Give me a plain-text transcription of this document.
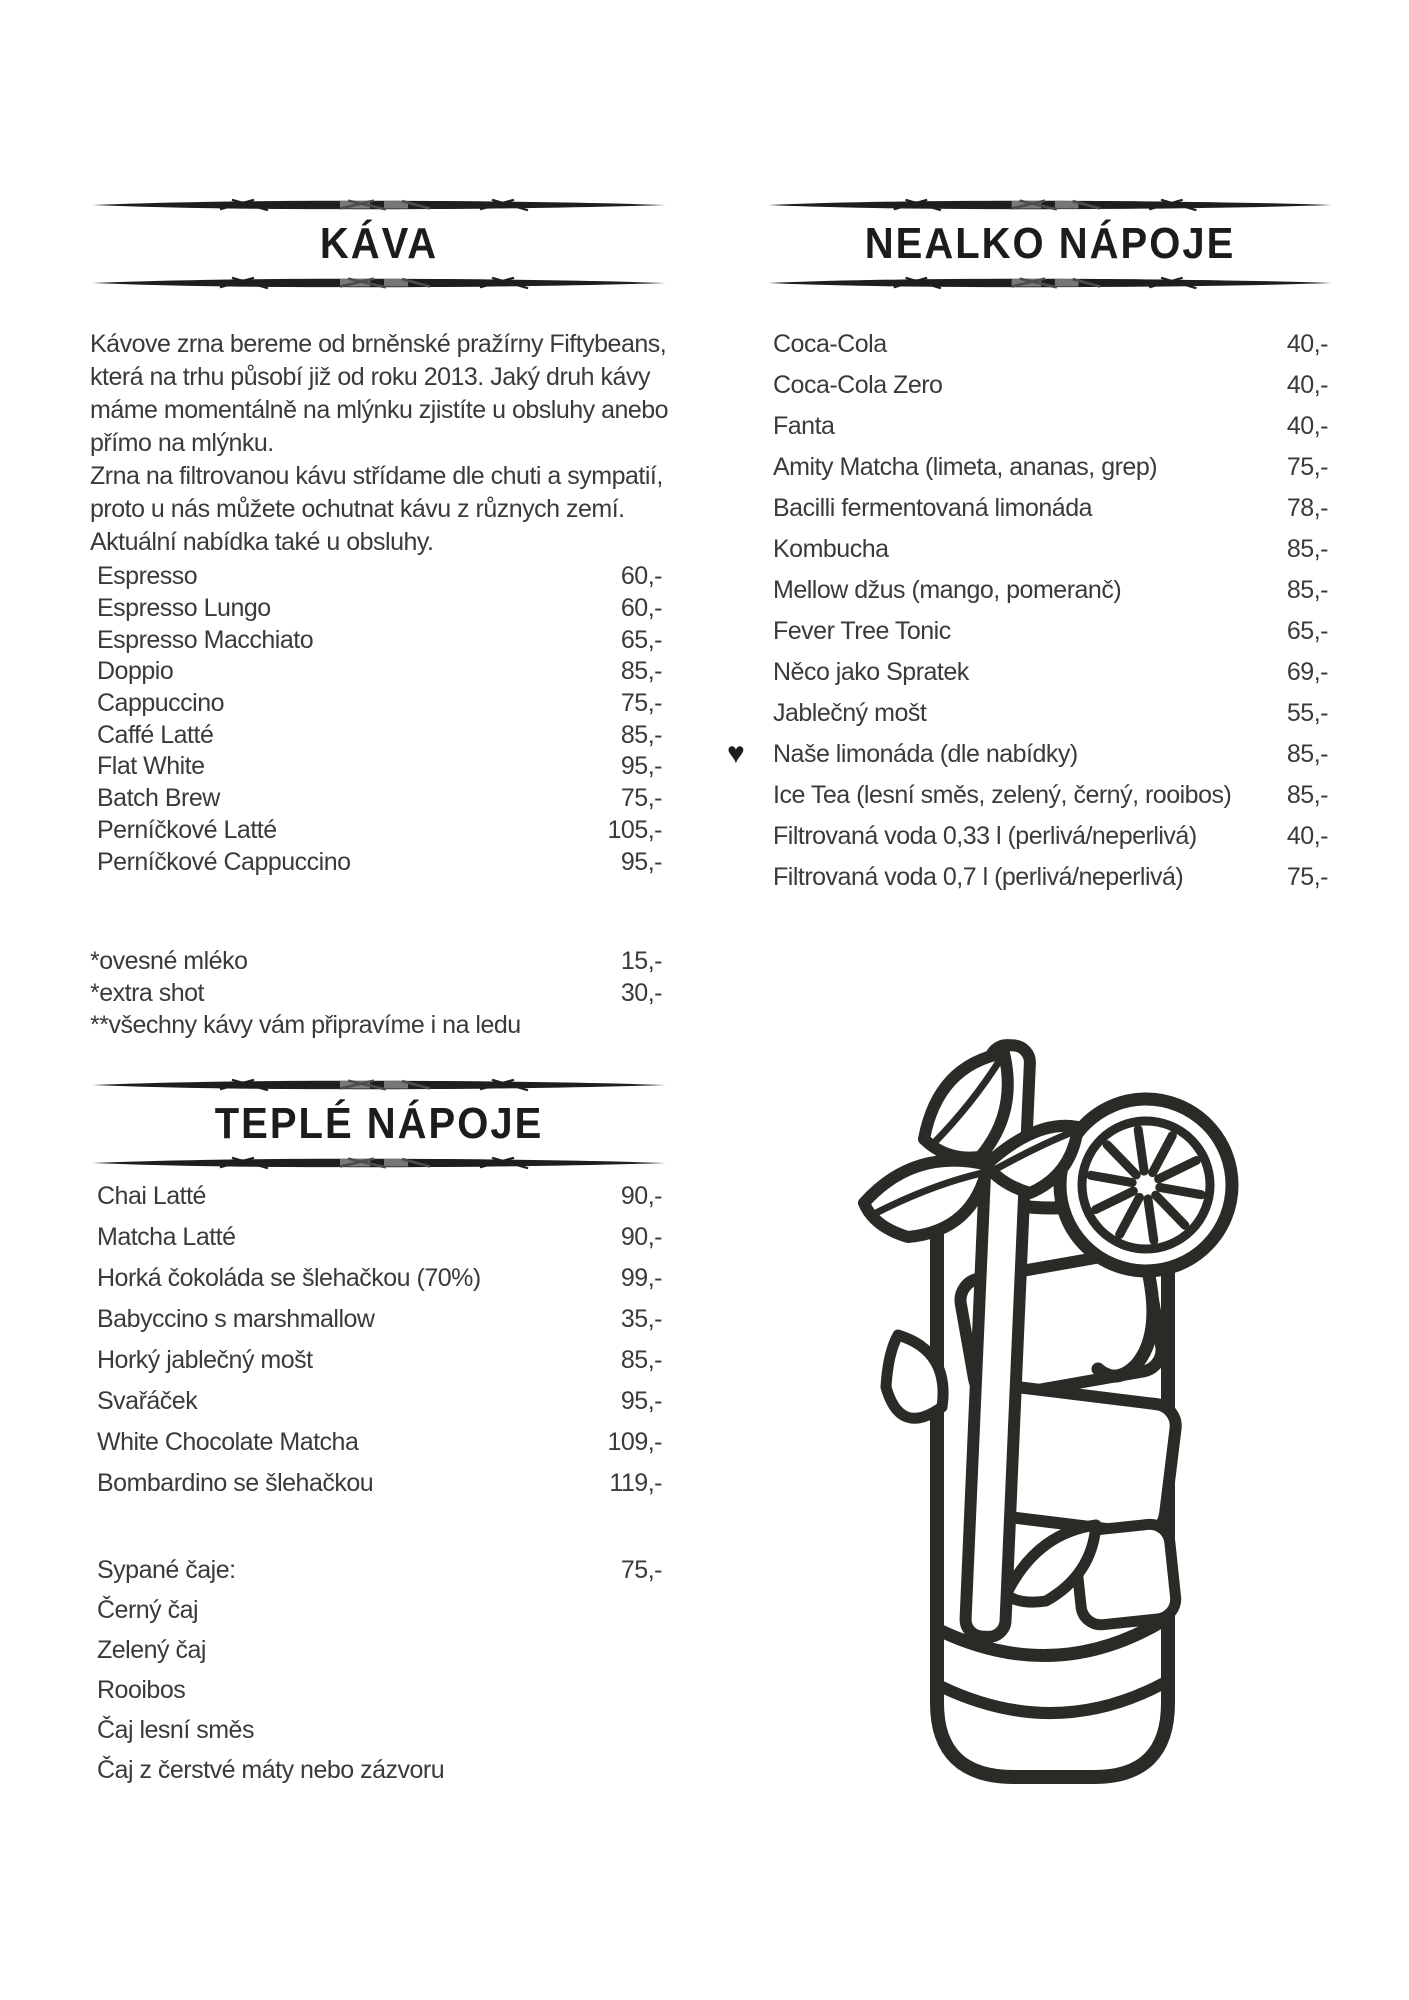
KÁVA
Kávove zrna bereme od brněnské pražírny Fiftybeans,
která na trhu působí již od roku 2013. Jaký druh kávy
máme momentálně na mlýnku zjistíte u obsluhy anebo
přímo na mlýnku.
Zrna na filtrovanou kávu střídame dle chuti a sympatií,
proto u nás můžete ochutnat kávu z různych zemí.
Aktuální nabídka také u obsluhy.
Espresso	60,-
Espresso Lungo	60,-
Espresso Macchiato	65,-
Doppio	85,-
Cappuccino	75,-
Caffé Latté	85,-
Flat White	95,-
Batch Brew	75,-
Perníčkové Latté	105,-
Perníčkové Cappuccino	95,-
*ovesné mléko	15,-
*extra shot	30,-
**všechny kávy vám připravíme i na ledu
TEPLÉ NÁPOJE
Chai Latté	90,-
Matcha Latté	90,-
Horká čokoláda se šlehačkou (70%)	99,-
Babyccino s marshmallow	35,-
Horký jablečný mošt	85,-
Svařáček	95,-
White Chocolate Matcha	109,-
Bombardino se šlehačkou	119,-
Sypané čaje:	75,-
Černý čaj
Zelený čaj
Rooibos
Čaj lesní směs
Čaj z čerstvé máty nebo zázvoru
NEALKO NÁPOJE
Coca-Cola	40,-
Coca-Cola Zero	40,-
Fanta	40,-
Amity Matcha (limeta, ananas, grep)	75,-
Bacilli fermentovaná limonáda	78,-
Kombucha	85,-
Mellow džus (mango, pomeranč)	85,-
Fever Tree Tonic	65,-
Něco jako Spratek	69,-
Jablečný mošt	55,-
♥ Naše limonáda (dle nabídky)	85,-
Ice Tea (lesní směs, zelený, černý, rooibos) 85,-
Filtrovaná voda 0,33 l (perlivá/neperlivá)	40,-
Filtrovaná voda 0,7 l (perlivá/neperlivá)	75,-
